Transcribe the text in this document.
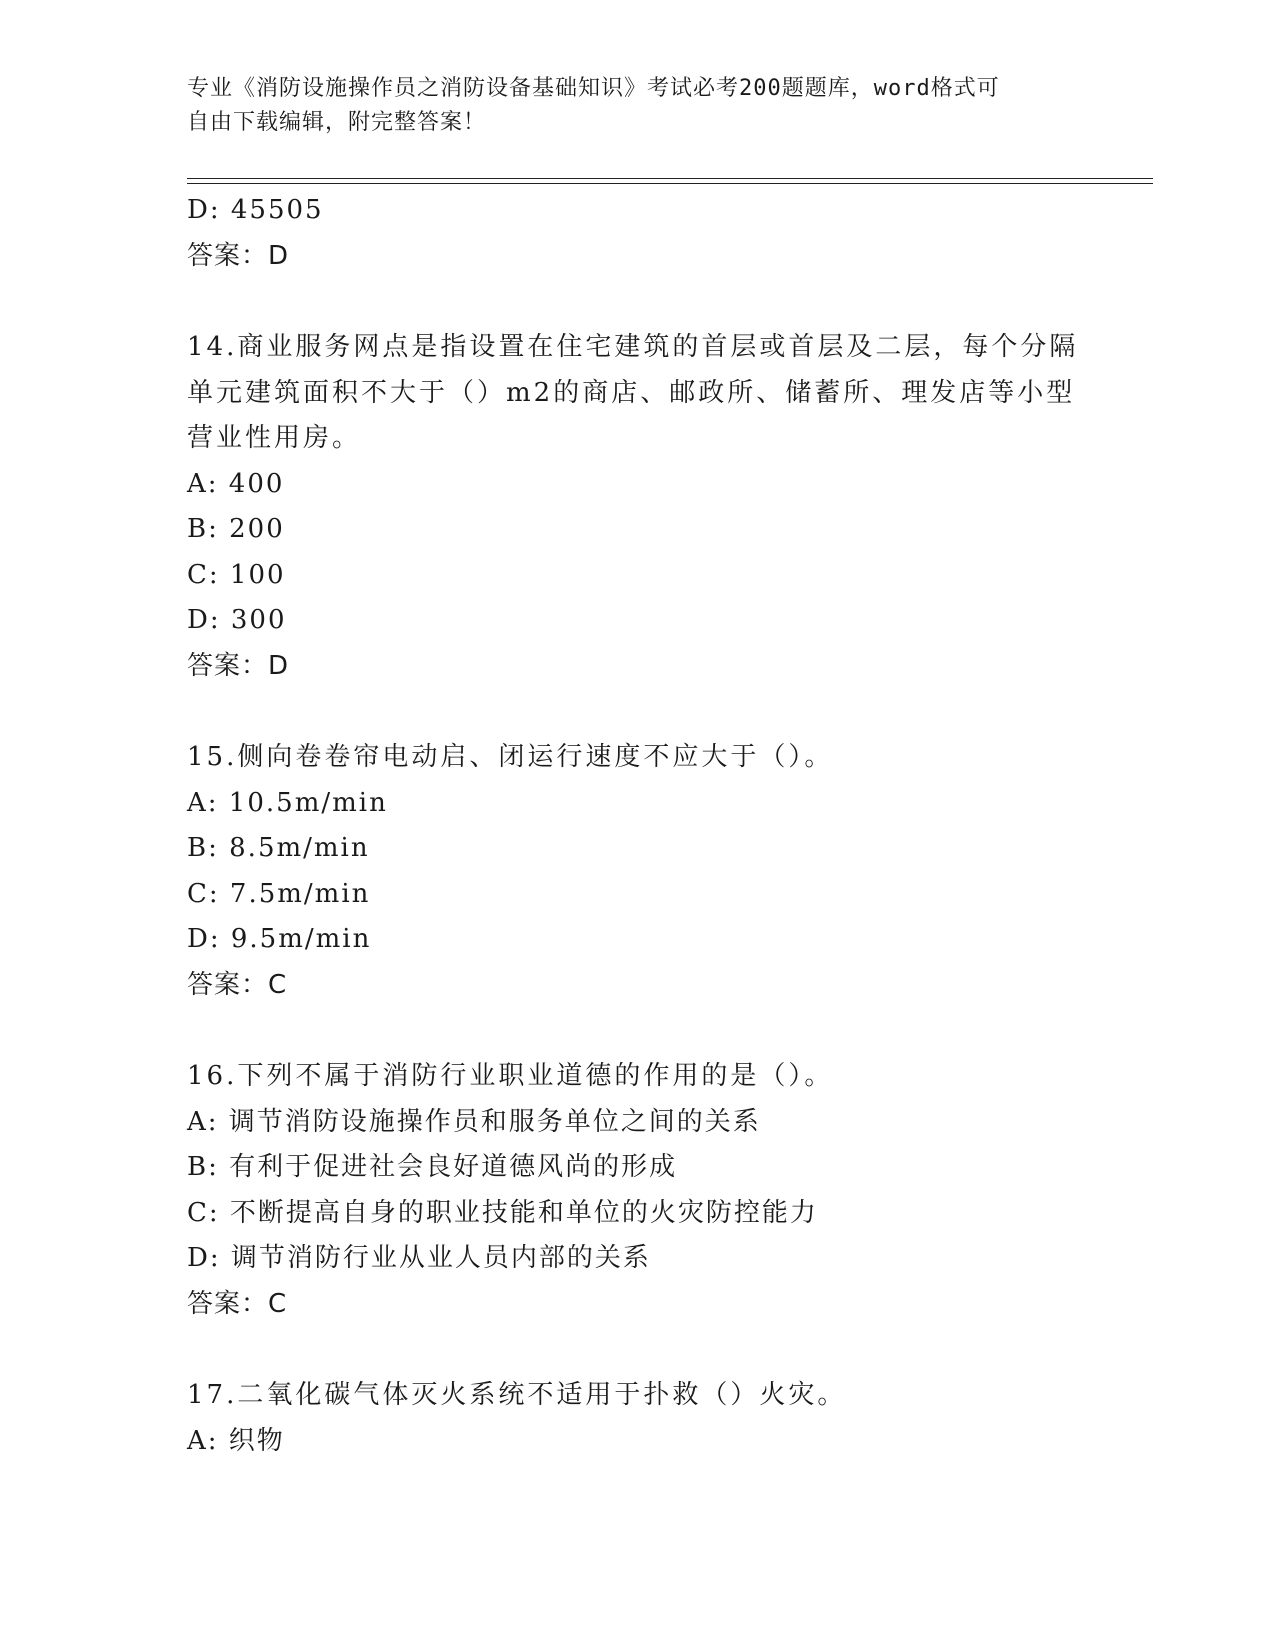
专业《消防设施操作员之消防设备基础知识》考试必考200题题库，word格式可
自由下载编辑，附完整答案！
D: 45505
答案：D
14.商业服务网点是指设置在住宅建筑的首层或首层及二层，每个分隔
单元建筑面积不大于（）m2的商店、邮政所、储蓄所、理发店等小型
营业性用房。
A: 400
B: 200
C: 100
D: 300
答案：D
15.侧向卷卷帘电动启、闭运行速度不应大于（）。
A: 10.5m/min
B: 8.5m/min
C: 7.5m/min
D: 9.5m/min
答案：C
16.下列不属于消防行业职业道德的作用的是（）。
A: 调节消防设施操作员和服务单位之间的关系
B: 有利于促进社会良好道德风尚的形成
C: 不断提高自身的职业技能和单位的火灾防控能力
D: 调节消防行业从业人员内部的关系
答案：C
17.二氧化碳气体灭火系统不适用于扑救（）火灾。
A: 织物
